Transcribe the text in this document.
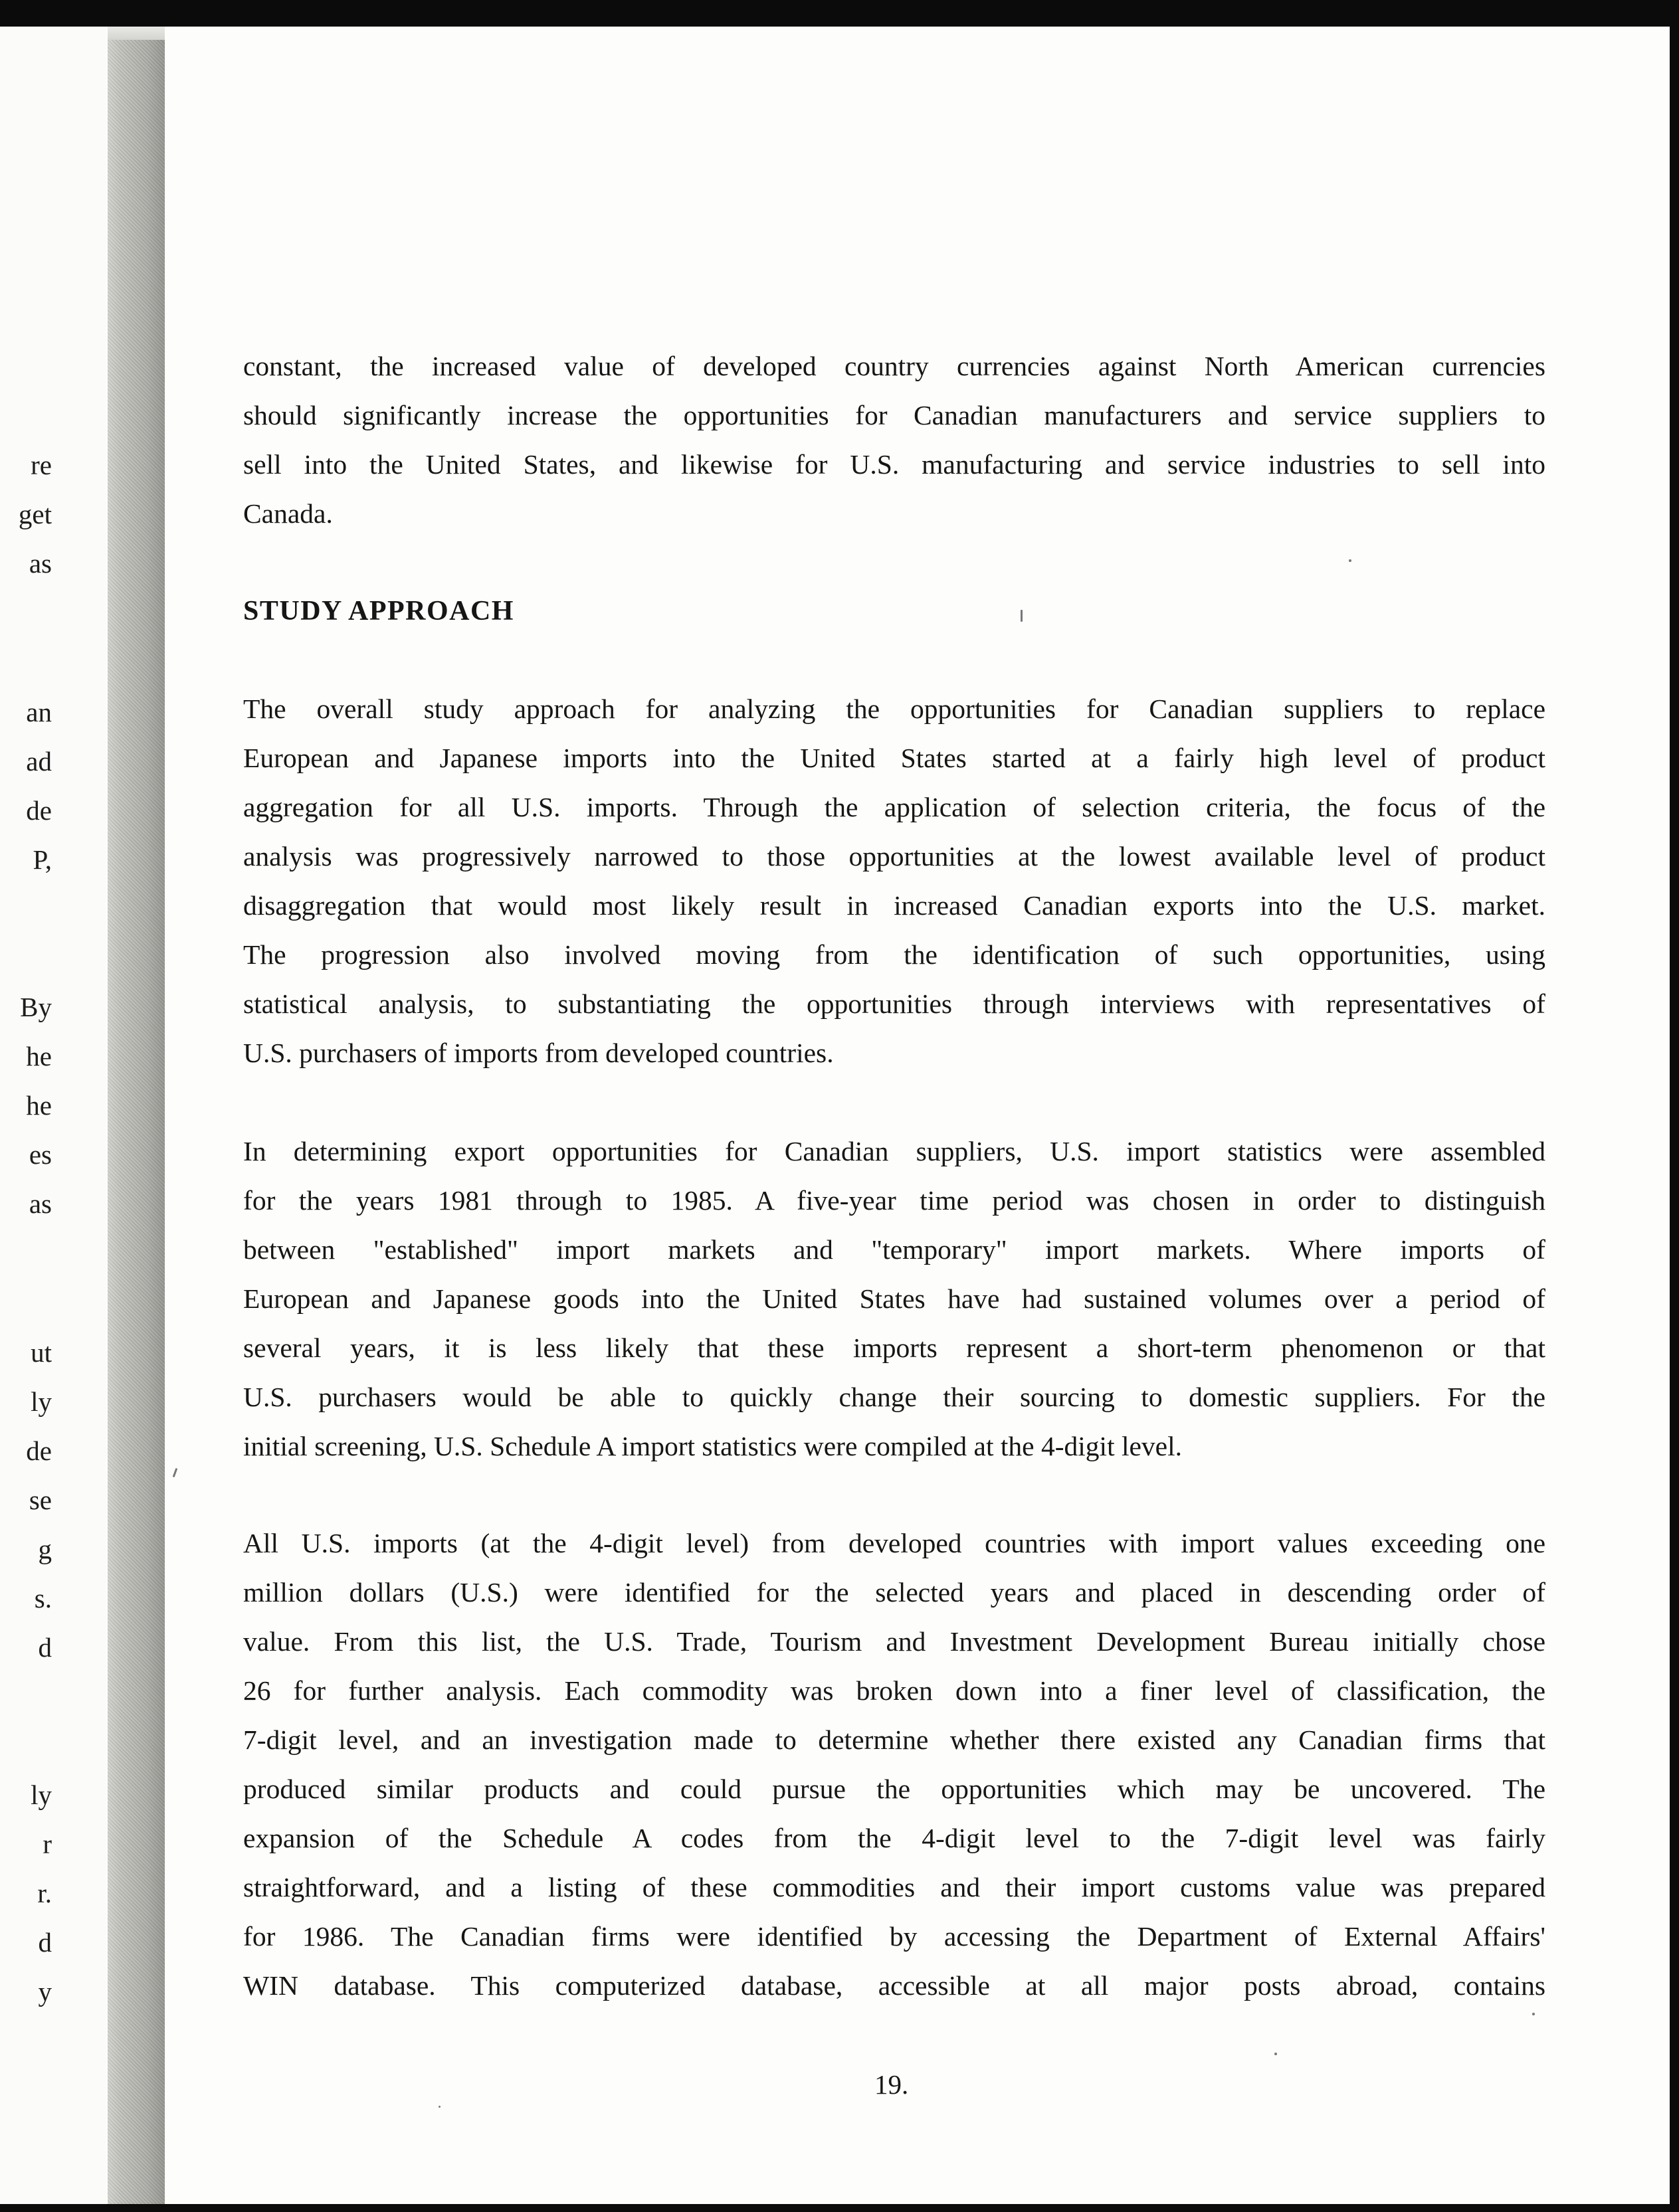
re
get
as
an
ad
de
P,
By
he
he
es
as
ut
ly
de
se
g
s.
d
ly
r
r.
d
y
constant, the increased value of developed country currencies against North American currencies
should significantly increase the opportunities for Canadian manufacturers and service suppliers to
sell into the United States, and likewise for U.S. manufacturing and service industries to sell into
Canada.
STUDY APPROACH
The overall study approach for analyzing the opportunities for Canadian suppliers to replace
European and Japanese imports into the United States started at a fairly high level of product
aggregation for all U.S. imports. Through the application of selection criteria, the focus of the
analysis was progressively narrowed to those opportunities at the lowest available level of product
disaggregation that would most likely result in increased Canadian exports into the U.S. market.
The progression also involved moving from the identification of such opportunities, using
statistical analysis, to substantiating the opportunities through interviews with representatives of
U.S. purchasers of imports from developed countries.
In determining export opportunities for Canadian suppliers, U.S. import statistics were assembled
for the years 1981 through to 1985. A five-year time period was chosen in order to distinguish
between "established" import markets and "temporary" import markets. Where imports of
European and Japanese goods into the United States have had sustained volumes over a period of
several years, it is less likely that these imports represent a short-term phenomenon or that
U.S. purchasers would be able to quickly change their sourcing to domestic suppliers. For the
initial screening, U.S. Schedule A import statistics were compiled at the 4-digit level.
All U.S. imports (at the 4-digit level) from developed countries with import values exceeding one
million dollars (U.S.) were identified for the selected years and placed in descending order of
value. From this list, the U.S. Trade, Tourism and Investment Development Bureau initially chose
26 for further analysis. Each commodity was broken down into a finer level of classification, the
7-digit level, and an investigation made to determine whether there existed any Canadian firms that
produced similar products and could pursue the opportunities which may be uncovered. The
expansion of the Schedule A codes from the 4-digit level to the 7-digit level was fairly
straightforward, and a listing of these commodities and their import customs value was prepared
for 1986. The Canadian firms were identified by accessing the Department of External Affairs'
WIN database. This computerized database, accessible at all major posts abroad, contains
19.
